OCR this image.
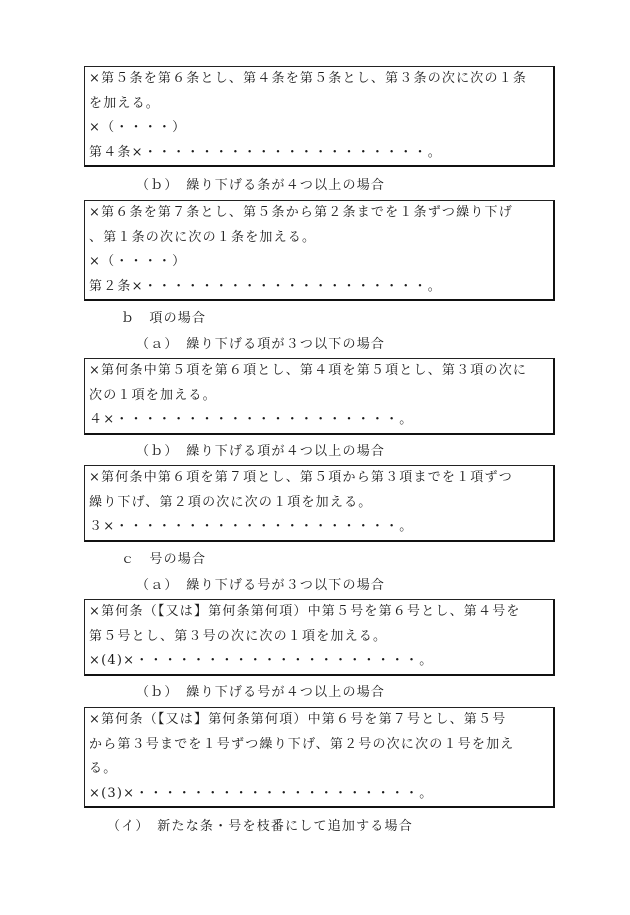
×第５条を第６条とし、第４条を第５条とし、第３条の次に次の１条
を加える。
×（・・・・）
第４条×・・・・・・・・・・・・・・・・・・・・。
（ｂ）　繰り下げる条が４つ以上の場合
×第６条を第７条とし、第５条から第２条までを１条ずつ繰り下げ
、第１条の次に次の１条を加える。
×（・・・・）
第２条×・・・・・・・・・・・・・・・・・・・・。
ｂ　項の場合
（ａ）　繰り下げる項が３つ以下の場合
×第何条中第５項を第６項とし、第４項を第５項とし、第３項の次に
次の１項を加える。
４×・・・・・・・・・・・・・・・・・・・・。
（ｂ）　繰り下げる項が４つ以上の場合
×第何条中第６項を第７項とし、第５項から第３項までを１項ずつ
繰り下げ、第２項の次に次の１項を加える。
３×・・・・・・・・・・・・・・・・・・・・。
ｃ　号の場合
（ａ）　繰り下げる号が３つ以下の場合
×第何条（【又は】第何条第何項）中第５号を第６号とし、第４号を
第５号とし、第３号の次に次の１項を加える。
×(4)×・・・・・・・・・・・・・・・・・・・・。
（ｂ）　繰り下げる号が４つ以上の場合
×第何条（【又は】第何条第何項）中第６号を第７号とし、第５号
から第３号までを１号ずつ繰り下げ、第２号の次に次の１号を加え
る。
×(3)×・・・・・・・・・・・・・・・・・・・・。
（イ）　新たな条・号を枝番にして追加する場合
